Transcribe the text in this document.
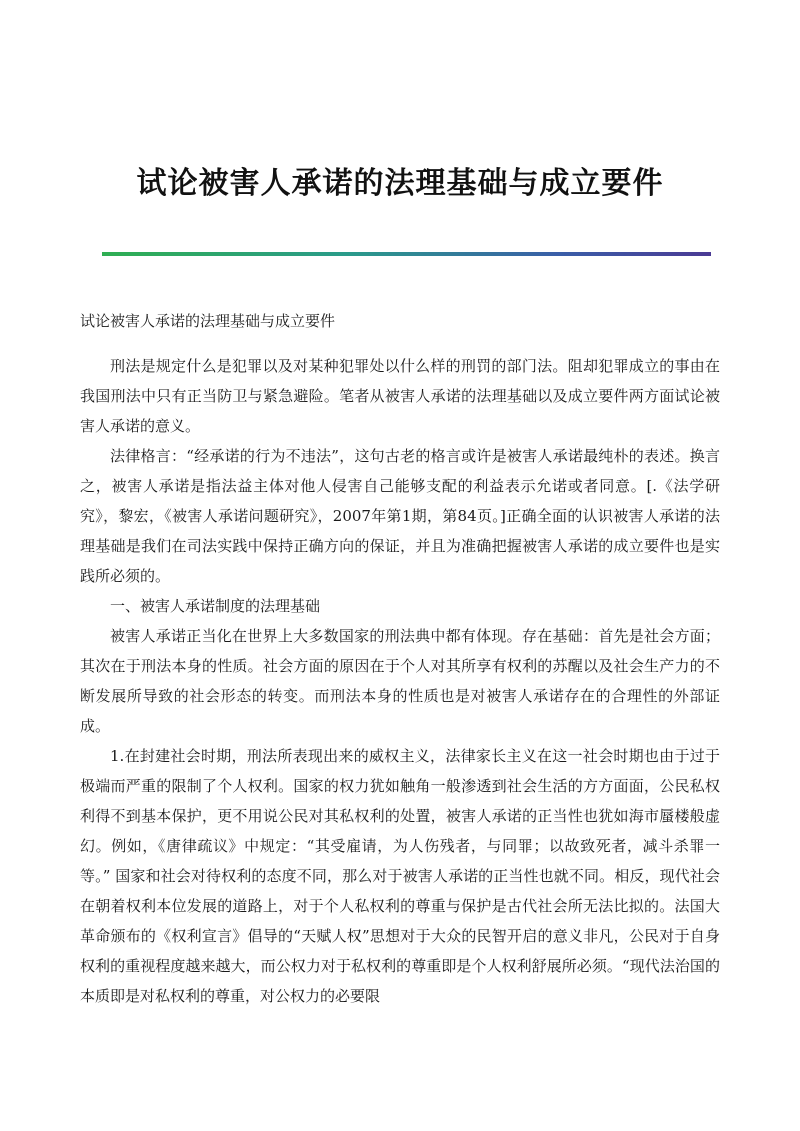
试论被害人承诺的法理基础与成立要件

试论被害人承诺的法理基础与成立要件

刑法是规定什么是犯罪以及对某种犯罪处以什么样的刑罚的部门法。阻却犯罪成立的事由在我国刑法中只有正当防卫与紧急避险。笔者从被害人承诺的法理基础以及成立要件两方面试论被害人承诺的意义。

法律格言：“经承诺的行为不违法”，这句古老的格言或许是被害人承诺最纯朴的表述。换言之，被害人承诺是指法益主体对他人侵害自己能够支配的利益表示允诺或者同意。[.《法学研究》，黎宏，《被害人承诺问题研究》，2007年第1期，第84页。]正确全面的认识被害人承诺的法理基础是我们在司法实践中保持正确方向的保证，并且为准确把握被害人承诺的成立要件也是实践所必须的。

一、被害人承诺制度的法理基础

被害人承诺正当化在世界上大多数国家的刑法典中都有体现。存在基础：首先是社会方面；其次在于刑法本身的性质。社会方面的原因在于个人对其所享有权利的苏醒以及社会生产力的不断发展所导致的社会形态的转变。而刑法本身的性质也是对被害人承诺存在的合理性的外部证成。

1.在封建社会时期，刑法所表现出来的威权主义，法律家长主义在这一社会时期也由于过于极端而严重的限制了个人权利。国家的权力犹如触角一般渗透到社会生活的方方面面，公民私权利得不到基本保护，更不用说公民对其私权利的处置，被害人承诺的正当性也犹如海市蜃楼般虚幻。例如，《唐律疏议》中规定：“其受雇请，为人伤残者，与同罪；以故致死者，减斗杀罪一等。” 国家和社会对待权利的态度不同，那么对于被害人承诺的正当性也就不同。相反，现代社会在朝着权利本位发展的道路上，对于个人私权利的尊重与保护是古代社会所无法比拟的。法国大革命颁布的《权利宣言》倡导的“天赋人权”思想对于大众的民智开启的意义非凡，公民对于自身权利的重视程度越来越大，而公权力对于私权利的尊重即是个人权利舒展所必须。“现代法治国的本质即是对私权利的尊重，对公权力的必要限
